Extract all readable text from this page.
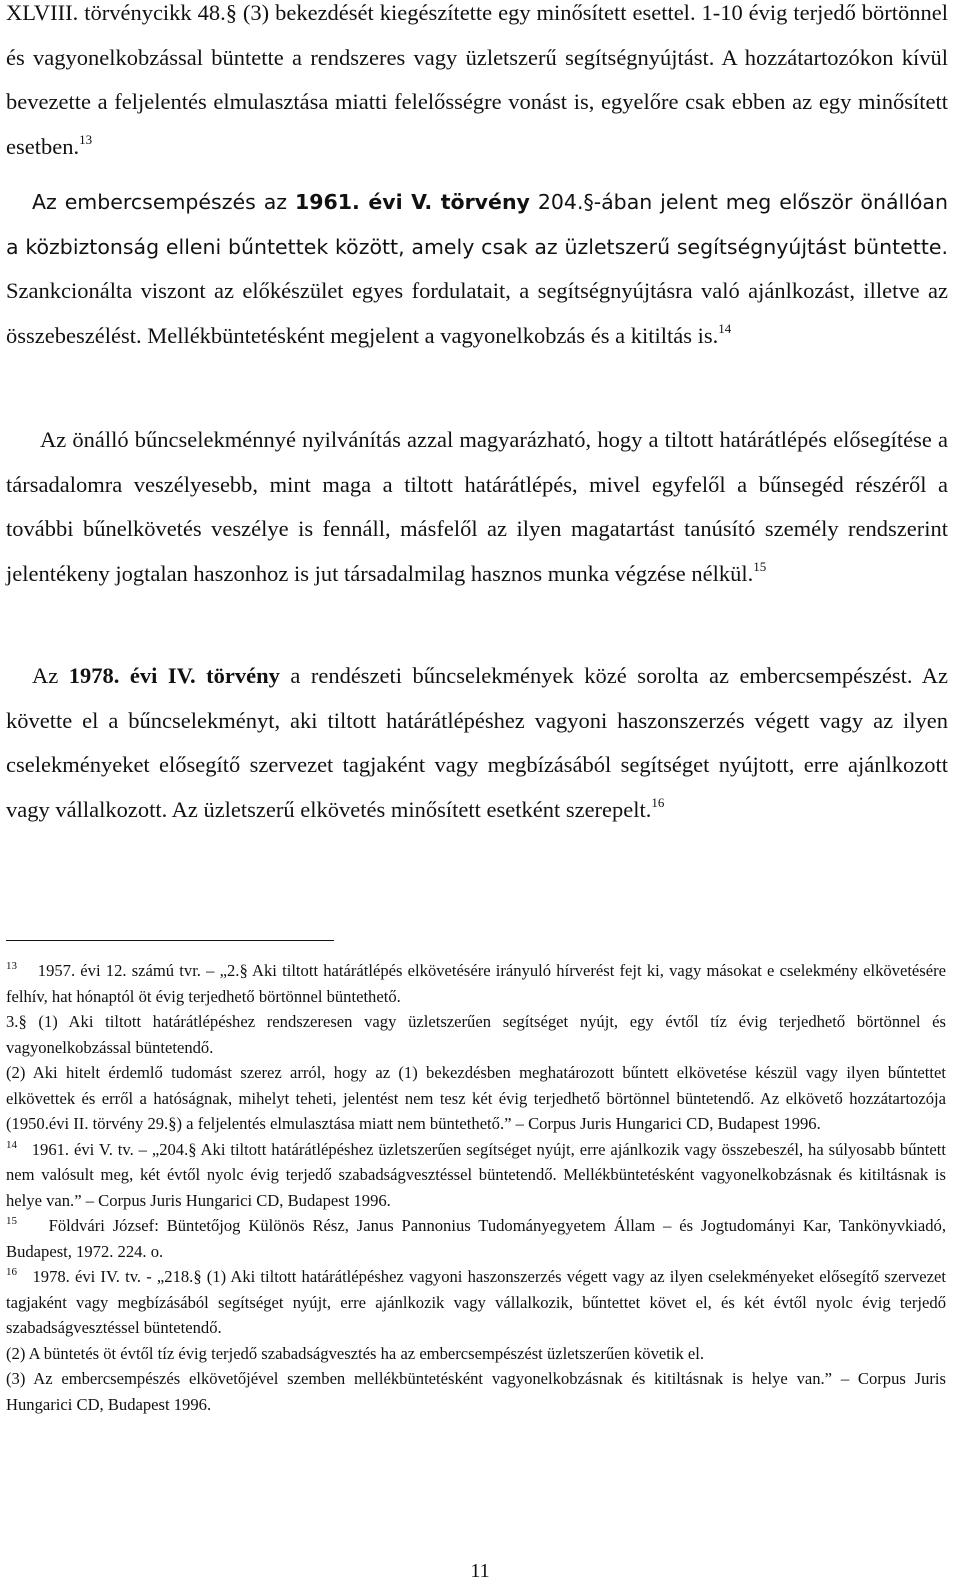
XLVIII. törvénycikk 48.§ (3) bekezdését kiegészítette egy minősített esettel. 1-10 évig terjedő börtönnel és vagyonelkobzással büntette a rendszeres vagy üzletszerű segítségnyújtást. A hozzátartozókon kívül bevezette a feljelentés elmulasztása miatti felelősségre vonást is, egyelőre csak ebben az egy minősített esetben.$^{13}$

Az embercsempészés az 1961. évi V. törvény 204.§-ában jelent meg először önállóan a közbiztonság elleni bűntettek között, amely csak az üzletszerű segítségnyújtást büntette. Szankcionálta viszont az előkészület egyes fordulatait, a segítségnyújtásra való ajánlkozást, illetve az összebeszélést. Mellékbüntetésként megjelent a vagyonelkobzás és a kitiltás is.$^{14}$

Az önálló bűncselekménnyé nyilvánítás azzal magyarázható, hogy a tiltott határátlépés elősegítése a társadalomra veszélyesebb, mint maga a tiltott határátlépés, mivel egyfelől a bűnsegéd részéről a további bűnelkövetés veszélye is fennáll, másfelől az ilyen magatartást tanúsító személy rendszerint jelentékeny jogtalan haszonhoz is jut társadalmilag hasznos munka végzése nélkül.$^{15}$

Az 1978. évi IV. törvény a rendészeti bűncselekmények közé sorolta az embercsempészést. Az követte el a bűncselekményt, aki tiltott határátlépéshez vagyoni haszonszerzés végett vagy az ilyen cselekményeket elősegítő szervezet tagjaként vagy megbízásából segítséget nyújtott, erre ajánlkozott vagy vállalkozott. Az üzletszerű elkövetés minősített esetként szerepelt.$^{16}$

$^{13}$ 1957. évi 12. számú tvr. – „2.§ Aki tiltott határátlépés elkövetésére irányuló hírverést fejt ki, vagy másokat e cselekmény elkövetésére felhív, hat hónaptól öt évig terjedhető börtönnel büntethető.

3.§ (1) Aki tiltott határátlépéshez rendszeresen vagy üzletszerűen segítséget nyújt, egy évtől tíz évig terjedhető börtönnel és vagyonelkobzással büntetendő.

(2) Aki hitelt érdemlő tudomást szerez arról, hogy az (1) bekezdésben meghatározott bűntett elkövetése készül vagy ilyen bűntettet elkövettek és erről a hatóságnak, mihelyt teheti, jelentést nem tesz két évig terjedhető börtönnel büntetendő. Az elkövető hozzátartozója (1950.évi II. törvény 29.§) a feljelentés elmulasztása miatt nem büntethető.” – Corpus Juris Hungarici CD, Budapest 1996.

$^{14}$ 1961. évi V. tv. – „204.§ Aki tiltott határátlépéshez üzletszerűen segítséget nyújt, erre ajánlkozik vagy összebeszél, ha súlyosabb bűntett nem valósult meg, két évtől nyolc évig terjedő szabadságvesztéssel büntetendő. Mellékbüntetésként vagyonelkobzásnak és kitiltásnak is helye van.” – Corpus Juris Hungarici CD, Budapest 1996.

$^{15}$ Földvári József: Büntetőjog Különös Rész, Janus Pannonius Tudományegyetem Állam – és Jogtudományi Kar, Tankönyvkiadó, Budapest, 1972. 224. o.

$^{16}$ 1978. évi IV. tv. - „218.§ (1) Aki tiltott határátlépéshez vagyoni haszonszerzés végett vagy az ilyen cselekményeket elősegítő szervezet tagjaként vagy megbízásából segítséget nyújt, erre ajánlkozik vagy vállalkozik, bűntettet követ el, és két évtől nyolc évig terjedő szabadságvesztéssel büntetendő.

(2) A büntetés öt évtől tíz évig terjedő szabadságvesztés ha az embercsempészést üzletszerűen követik el.

(3) Az embercsempészés elkövetőjével szemben mellékbüntetésként vagyonelkobzásnak és kitiltásnak is helye van.” – Corpus Juris Hungarici CD, Budapest 1996.

11
